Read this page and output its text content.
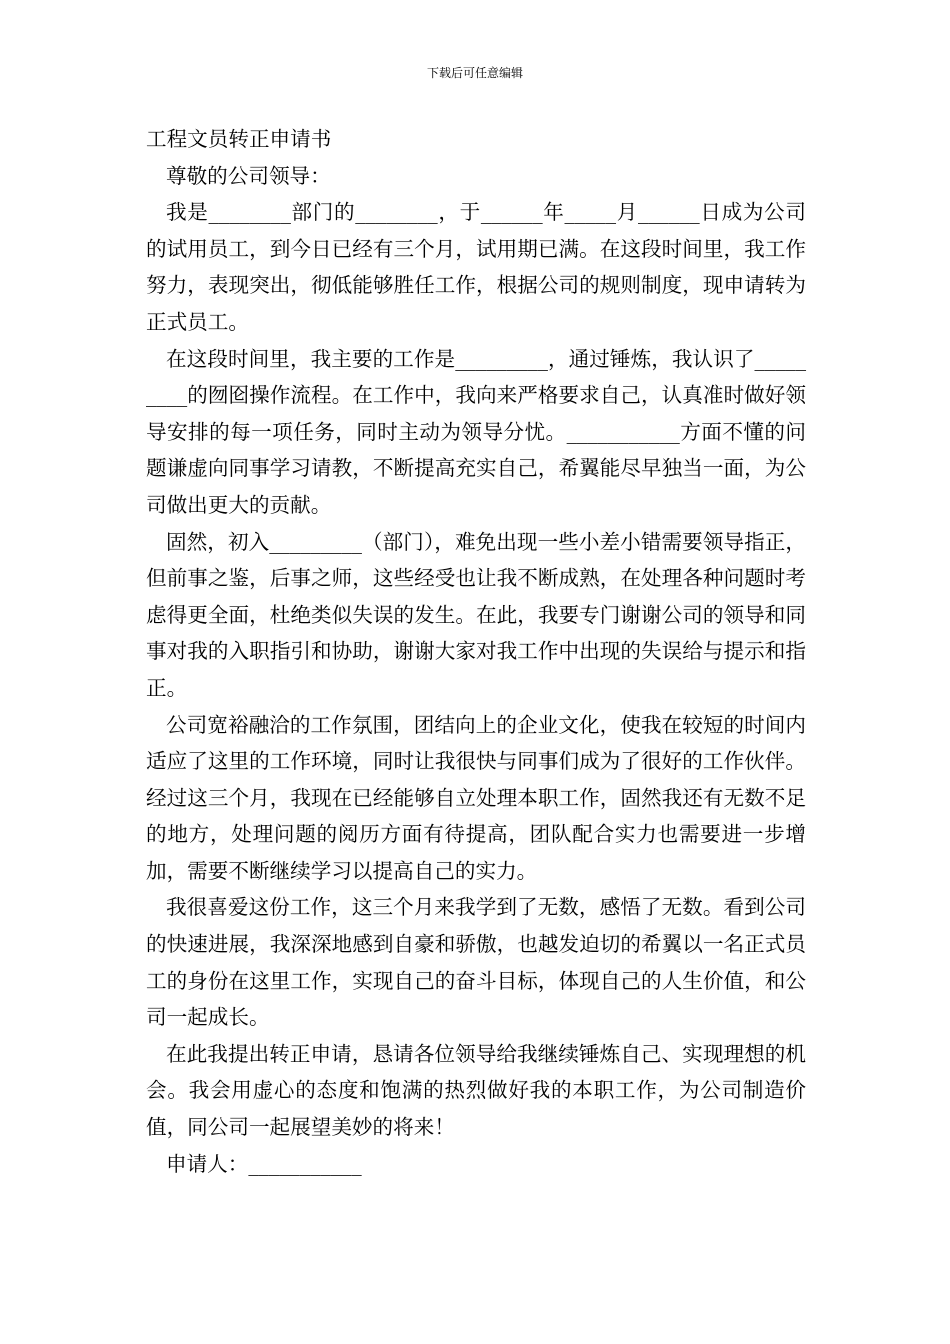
下载后可任意编辑
工程文员转正申请书

尊敬的公司领导：

我是________部门的________，于______年_____月______日成为公司的试用员工，到今日已经有三个月，试用期已满。在这段时间里，我工作努力，表现突出，彻低能够胜任工作，根据公司的规则制度，现申请转为正式员工。

在这段时间里，我主要的工作是_________，通过锤炼，我认识了_________的囫囵操作流程。在工作中，我向来严格要求自己，认真准时做好领导安排的每一项任务，同时主动为领导分忧。___________方面不懂的问题谦虚向同事学习请教，不断提高充实自己，希翼能尽早独当一面，为公司做出更大的贡献。

固然，初入_________（部门），难免出现一些小差小错需要领导指正，但前事之鉴，后事之师，这些经受也让我不断成熟，在处理各种问题时考虑得更全面，杜绝类似失误的发生。在此，我要专门谢谢公司的领导和同事对我的入职指引和协助，谢谢大家对我工作中出现的失误给与提示和指正。

公司宽裕融洽的工作氛围，团结向上的企业文化，使我在较短的时间内适应了这里的工作环境，同时让我很快与同事们成为了很好的工作伙伴。经过这三个月，我现在已经能够自立处理本职工作，固然我还有无数不足的地方，处理问题的阅历方面有待提高，团队配合实力也需要进一步增加，需要不断继续学习以提高自己的实力。

我很喜爱这份工作，这三个月来我学到了无数，感悟了无数。看到公司的快速进展，我深深地感到自豪和骄傲，也越发迫切的希翼以一名正式员工的身份在这里工作，实现自己的奋斗目标，体现自己的人生价值，和公司一起成长。

在此我提出转正申请，恳请各位领导给我继续锤炼自己、实现理想的机会。我会用虚心的态度和饱满的热烈做好我的本职工作，为公司制造价值，同公司一起展望美妙的将来！

申请人：___________
